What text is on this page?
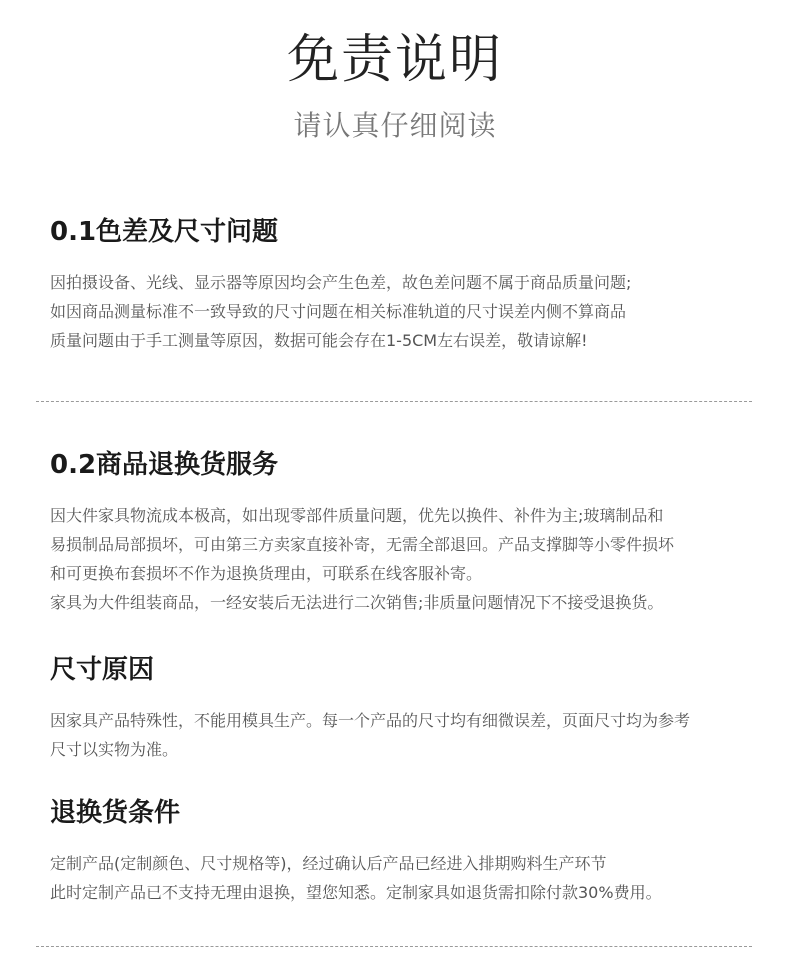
免责说明
请认真仔细阅读
0.1色差及尺寸问题
因拍摄设备、光线、显示器等原因均会产生色差，故色差问题不属于商品质量问题;
如因商品测量标准不一致导致的尺寸问题在相关标准轨道的尺寸误差内侧不算商品
质量问题由于手工测量等原因，数据可能会存在1-5CM左右误差，敬请谅解!
0.2商品退换货服务
因大件家具物流成本极高，如出现零部件质量问题，优先以换件、补件为主;玻璃制品和
易损制品局部损坏，可由第三方卖家直接补寄，无需全部退回。产品支撑脚等小零件损坏
和可更换布套损坏不作为退换货理由，可联系在线客服补寄。
家具为大件组装商品，一经安装后无法进行二次销售;非质量问题情况下不接受退换货。
尺寸原因
因家具产品特殊性，不能用模具生产。每一个产品的尺寸均有细微误差，页面尺寸均为参考
尺寸以实物为准。
退换货条件
定制产品(定制颜色、尺寸规格等)，经过确认后产品已经进入排期购料生产环节
此时定制产品已不支持无理由退换，望您知悉。定制家具如退货需扣除付款30%费用。
